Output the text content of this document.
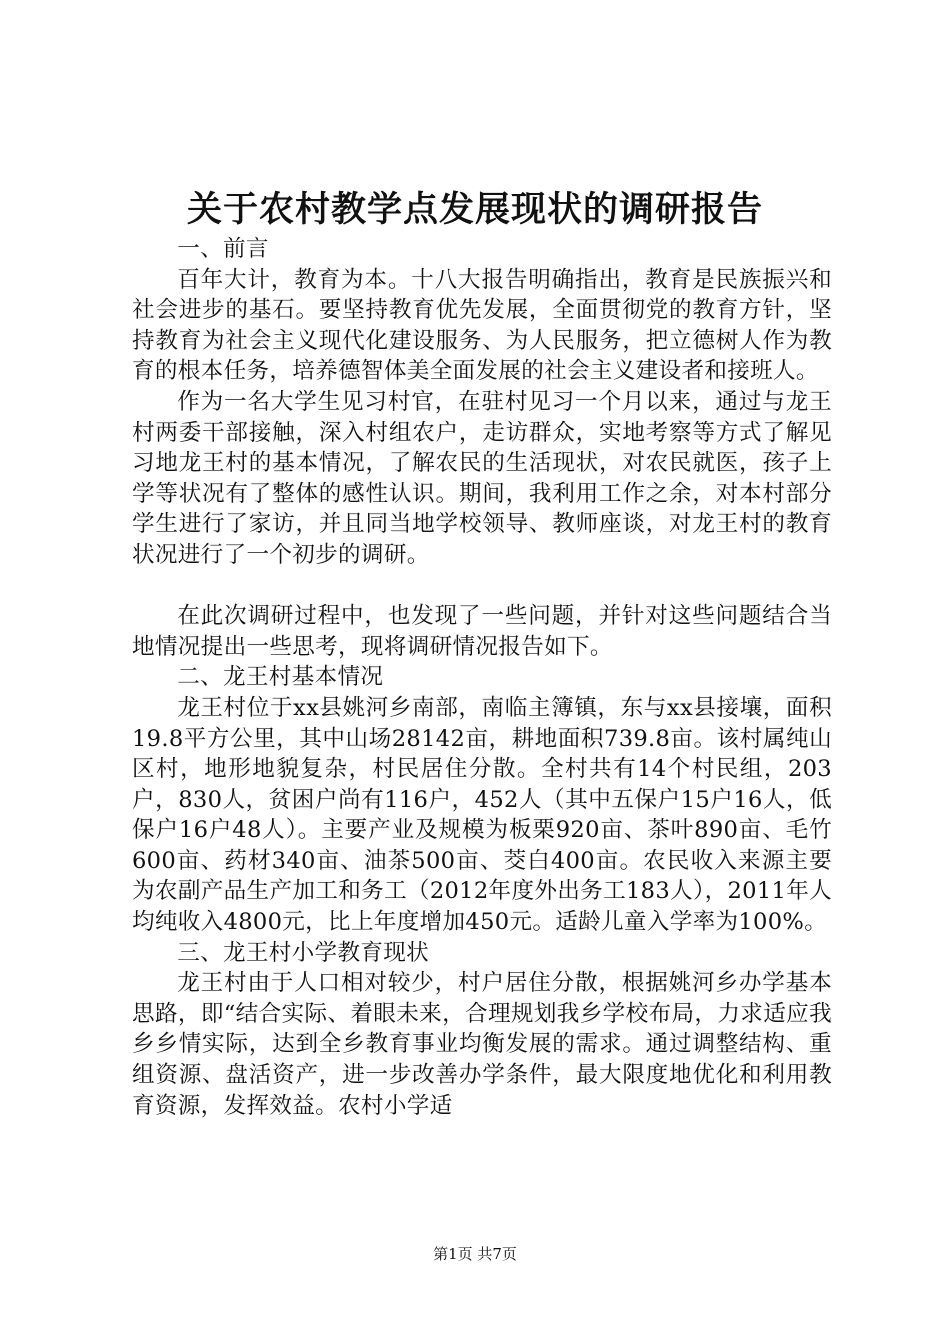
关于农村教学点发展现状的调研报告

一、前言

百年大计，教育为本。十八大报告明确指出，教育是民族振兴和社会进步的基石。要坚持教育优先发展，全面贯彻党的教育方针，坚持教育为社会主义现代化建设服务、为人民服务，把立德树人作为教育的根本任务，培养德智体美全面发展的社会主义建设者和接班人。

作为一名大学生见习村官，在驻村见习一个月以来，通过与龙王村两委干部接触，深入村组农户，走访群众，实地考察等方式了解见习地龙王村的基本情况，了解农民的生活现状，对农民就医，孩子上学等状况有了整体的感性认识。期间，我利用工作之余，对本村部分学生进行了家访，并且同当地学校领导、教师座谈，对龙王村的教育状况进行了一个初步的调研。

在此次调研过程中，也发现了一些问题，并针对这些问题结合当地情况提出一些思考，现将调研情况报告如下。

二、龙王村基本情况

龙王村位于xx县姚河乡南部，南临主簿镇，东与xx县接壤，面积19.8平方公里，其中山场28142亩，耕地面积739.8亩。该村属纯山区村，地形地貌复杂，村民居住分散。全村共有14个村民组，203户，830人，贫困户尚有116户，452人（其中五保户15户16人，低保户16户48人）。主要产业及规模为板栗920亩、茶叶890亩、毛竹600亩、药材340亩、油茶500亩、茭白400亩。农民收入来源主要为农副产品生产加工和务工（2012年度外出务工183人），2011年人均纯收入4800元，比上年度增加450元。适龄儿童入学率为100%。

三、龙王村小学教育现状

龙王村由于人口相对较少，村户居住分散，根据姚河乡办学基本思路，即“结合实际、着眼未来，合理规划我乡学校布局，力求适应我乡乡情实际，达到全乡教育事业均衡发展的需求。通过调整结构、重组资源、盘活资产，进一步改善办学条件，最大限度地优化和利用教育资源，发挥效益。农村小学适

第1页 共7页
